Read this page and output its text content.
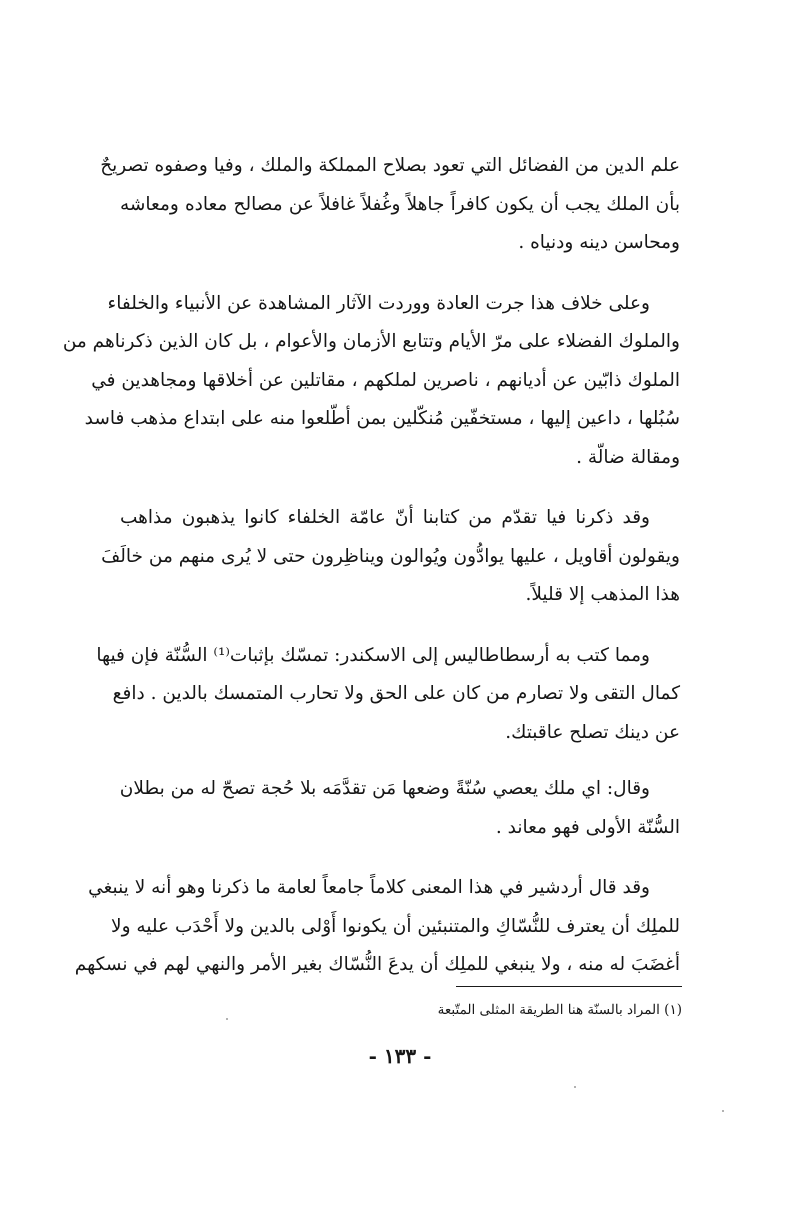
علم الدين من الفضائل التي تعود بصلاح المملكة والملك ، وفيا وصفوه تصريحٌ
بأن الملك يجب أن يكون كافراً جاهلاً وغُفلاً غافلاً عن مصالح معاده ومعاشه
ومحاسن دينه ودنياه .

وعلى خلاف هذا جرت العادة ووردت الآثار المشاهدة عن الأنبياء والخلفاء
والملوك الفضلاء على مرّ الأيام وتتابع الأزمان والأعوام ، بل كان الذين ذكرناهم من
الملوك ذابّين عن أديانهم ، ناصرين لملكهم ، مقاتلين عن أخلاقها ومجاهدين في
سُبُلها ، داعين إليها ، مستخفّين مُنكّلين بمن أطّلعوا منه على ابتداع مذهب فاسد
ومقالة ضالّة .

وقد ذكرنا فيا تقدّم من كتابنا أنّ عامّة الخلفاء كانوا يذهبون مذاهب
ويقولون أقاويل ، عليها يوادُّون ويُوالون ويناظِرون حتى لا يُرى منهم من خالَفَ
هذا المذهب إلا قليلاً.

ومما كتب به أرسطاطاليس إلى الاسكندر: تمسّك بإثبات⁽¹⁾ السُّنّة فإن فيها
كمال التقى ولا تصارم من كان على الحق ولا تحارب المتمسك بالدين . دافع
عن دينك تصلح عاقبتك.

وقال: اي ملك يعصي سُنّةً وضعها مَن تقدَّمَه بلا حُجة تصحّ له من بطلان
السُّنّة الأولى فهو معاند .

وقد قال أردشير في هذا المعنى كلاماً جامعاً لعامة ما ذكرنا وهو أنه لا ينبغي
للملِك أن يعترف للنُّسّاكِ والمتنبئين أن يكونوا أَوْلى بالدين ولا أَحْدَب عليه ولا
أغضَبَ له منه ، ولا ينبغي للملِك أن يدعَ النُّسّاك بغير الأمر والنهي لهم في نسكهم

(١) المراد بالسنّة هنا الطريقة المثلى المتّبعة
- ١٣٣ -
